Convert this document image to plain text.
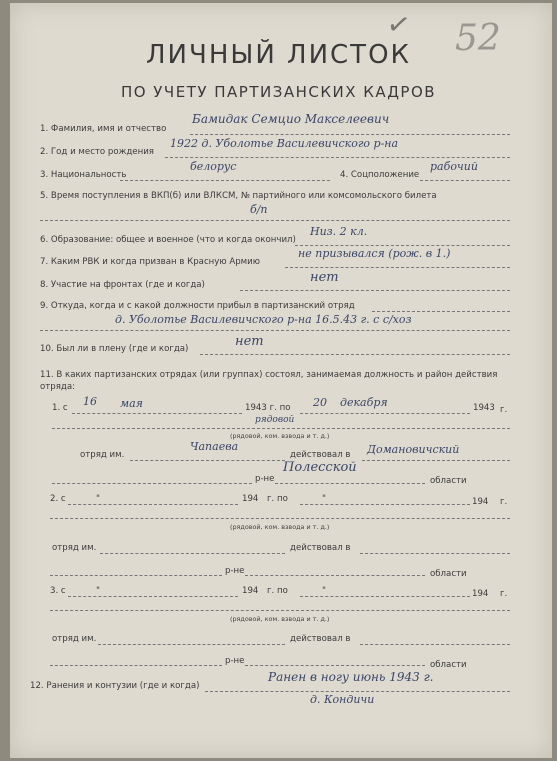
✓ 52
ЛИЧНЫЙ ЛИСТОК
ПО УЧЕТУ ПАРТИЗАНСКИХ КАДРОВ
1. Фамилия, имя и отчество
Бамидак Семцио Макселеевич
2. Год и место рождения
1922 д. Уболотье Василевичского р-на
3. Национальность
белорус
4. Соцположение
рабочий
5. Время поступления в ВКП(б) или ВЛКСМ, № партийного или комсомольского билета
б/п
6. Образование: общее и военное (что и когда окончил)
Низ. 2 кл.
7. Каким РВК и когда призван в Красную Армию
не призывался (рож. в 1.)
8. Участие на фронтах (где и когда)	нет
9. Откуда, когда и с какой должности прибыл в партизанский отряд
д. Уболотье Василевичского р-на 16.5.43 г. с с/хоз
10. Был ли в плену (где и когда)	нет
11. В каких партизанских отрядах (или группах) состоял, занимаемая должность и район действия отряда:
1. с 16 мая	1943 г. по 20 декабря	1943 г.
рядовой
(рядовой, ком. взвода и т. д.)
отряд им.
Чапаева
действовал в Домановичский
Полесской
р-не	области
2. с	"	194 г. по	"	194 г.
(рядовой, ком. взвода и т. д.)
отряд им.	действовал в
р-не	области
3. с	"	194 г. по	"	194 г.
(рядовой, ком. взвода и т. д.)
отряд им.	действовал в
р-не	области
12. Ранения и контузии (где и когда)
Ранен в ногу июнь 1943 г.
д. Кондичи
